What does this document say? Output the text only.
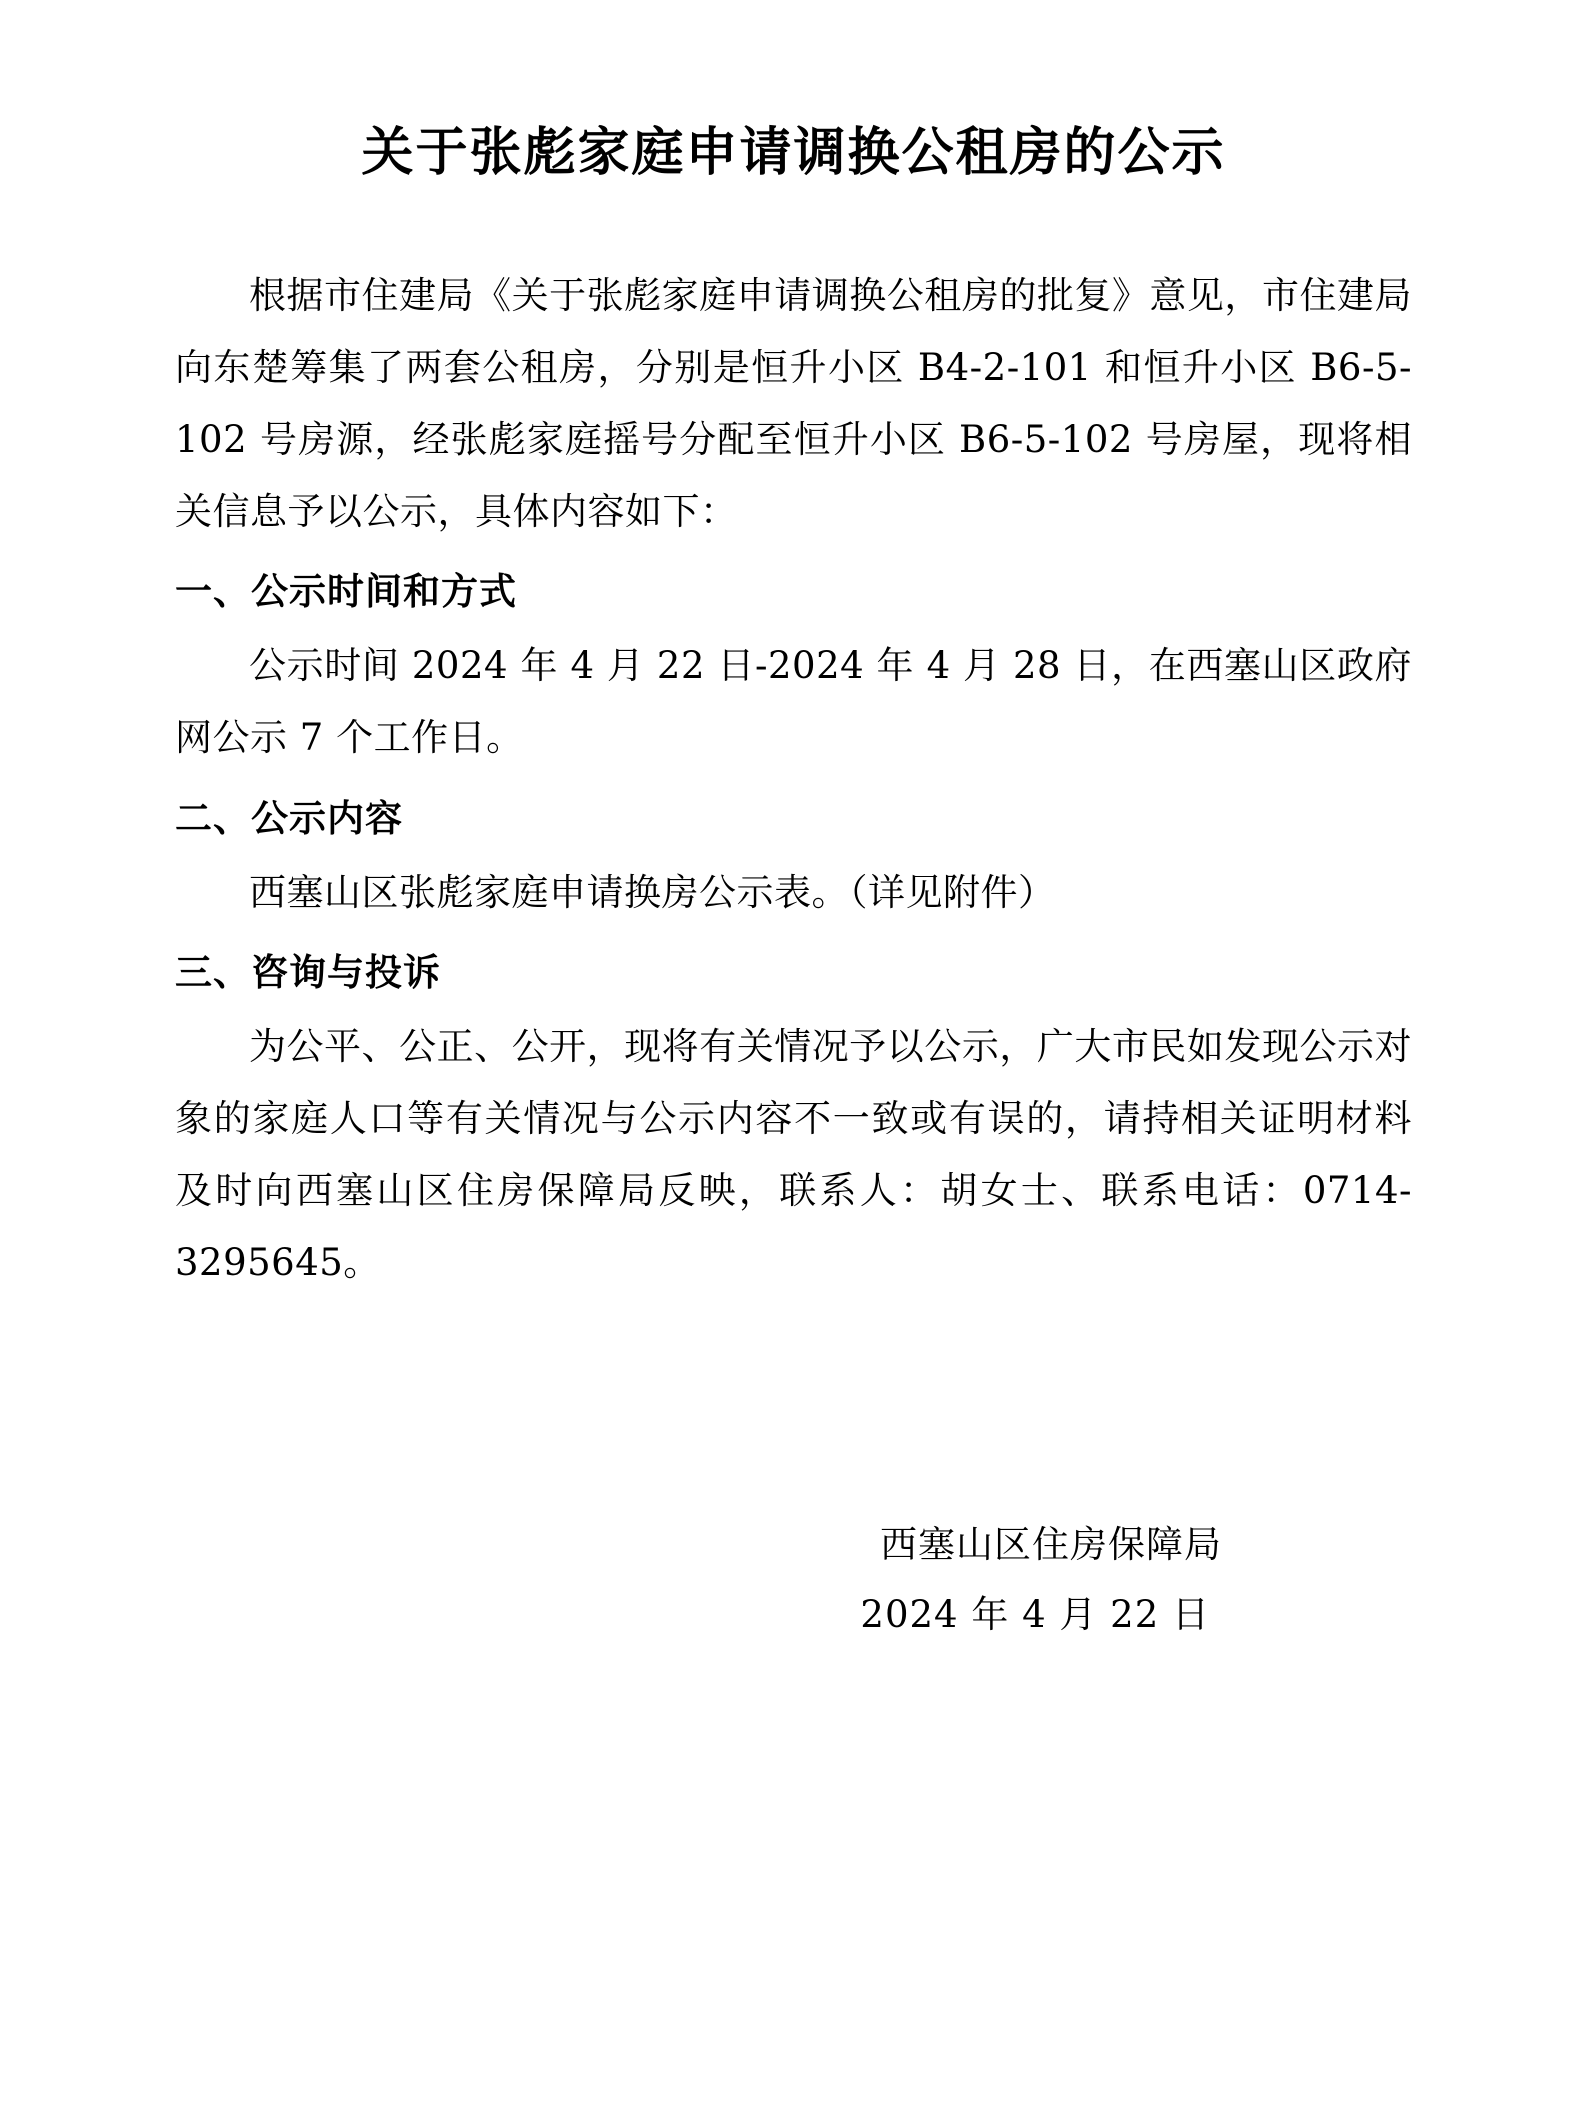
关于张彪家庭申请调换公租房的公示

根据市住建局《关于张彪家庭申请调换公租房的批复》意见，市住建局向东楚筹集了两套公租房，分别是恒升小区 B4-2-101 和恒升小区 B6-5-102 号房源，经张彪家庭摇号分配至恒升小区 B6-5-102 号房屋，现将相关信息予以公示，具体内容如下：

一、公示时间和方式

公示时间 2024 年 4 月 22 日-2024 年 4 月 28 日，在西塞山区政府网公示 7 个工作日。

二、公示内容

西塞山区张彪家庭申请换房公示表。（详见附件）

三、咨询与投诉

为公平、公正、公开，现将有关情况予以公示，广大市民如发现公示对象的家庭人口等有关情况与公示内容不一致或有误的，请持相关证明材料及时向西塞山区住房保障局反映，联系人：胡女士、联系电话：0714-3295645。

西塞山区住房保障局
2024 年 4 月 22 日
